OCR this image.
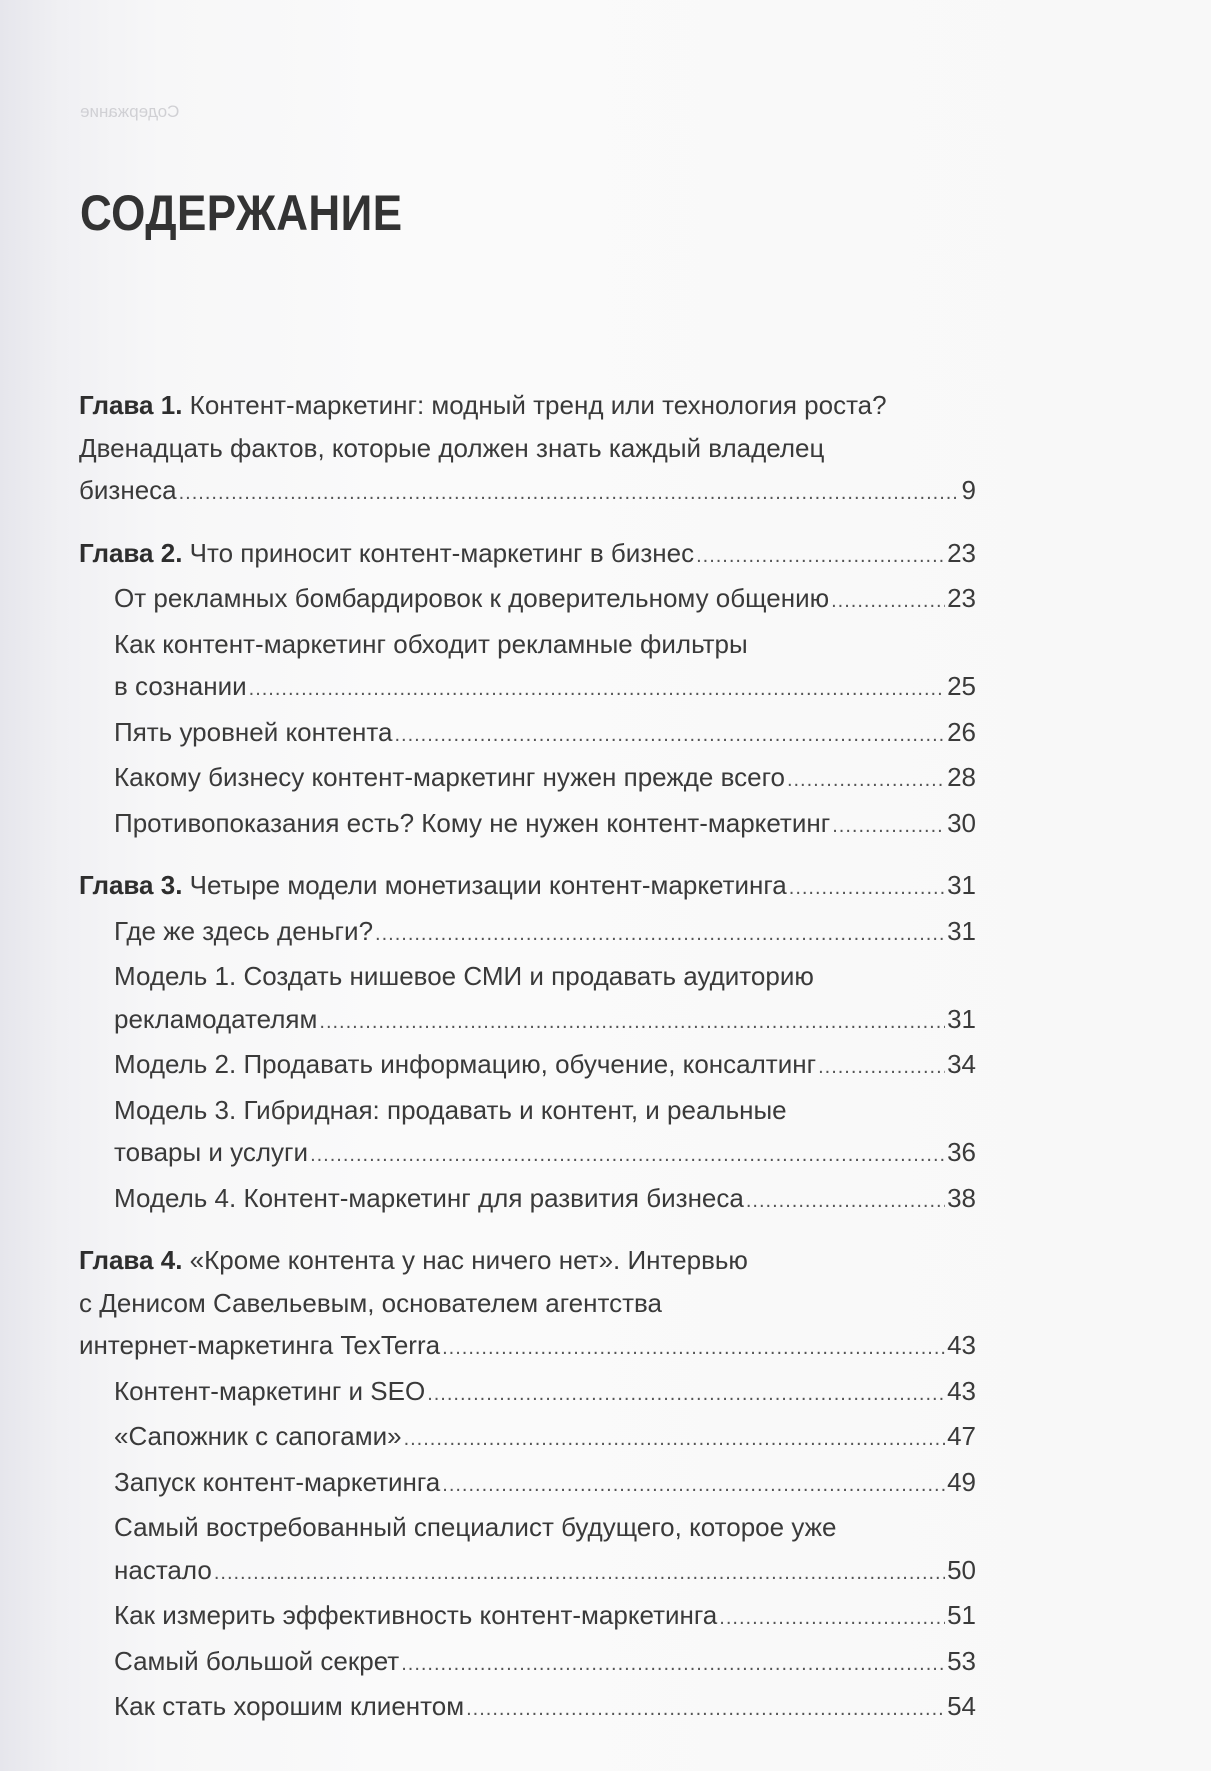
Содержание
СОДЕРЖАНИЕ
Глава 1. Контент-маркетинг: модный тренд или технология роста?
Двенадцать фактов, которые должен знать каждый владелец
бизнеса .....	9
Глава 2. Что приносит контент-маркетинг в бизнес .....	23
От рекламных бомбардировок к доверительному общению .....	23
Как контент-маркетинг обходит рекламные фильтры
в сознании .....	25
Пять уровней контента .....	26
Какому бизнесу контент-маркетинг нужен прежде всего .....	28
Противопоказания есть? Кому не нужен контент-маркетинг .....	30
Глава 3. Четыре модели монетизации контент-маркетинга .....	31
Где же здесь деньги? .....	31
Модель 1. Создать нишевое СМИ и продавать аудиторию
рекламодателям .....	31
Модель 2. Продавать информацию, обучение, консалтинг .....	34
Модель 3. Гибридная: продавать и контент, и реальные
товары и услуги .....	36
Модель 4. Контент-маркетинг для развития бизнеса .....	38
Глава 4. «Кроме контента у нас ничего нет». Интервью
с Денисом Савельевым, основателем агентства
интернет-маркетинга TexTerra .....	43
Контент-маркетинг и SEO .....	43
«Сапожник с сапогами» .....	47
Запуск контент-маркетинга .....	49
Самый востребованный специалист будущего, которое уже
настало .....	50
Как измерить эффективность контент-маркетинга .....	51
Самый большой секрет .....	53
Как стать хорошим клиентом .....	54
